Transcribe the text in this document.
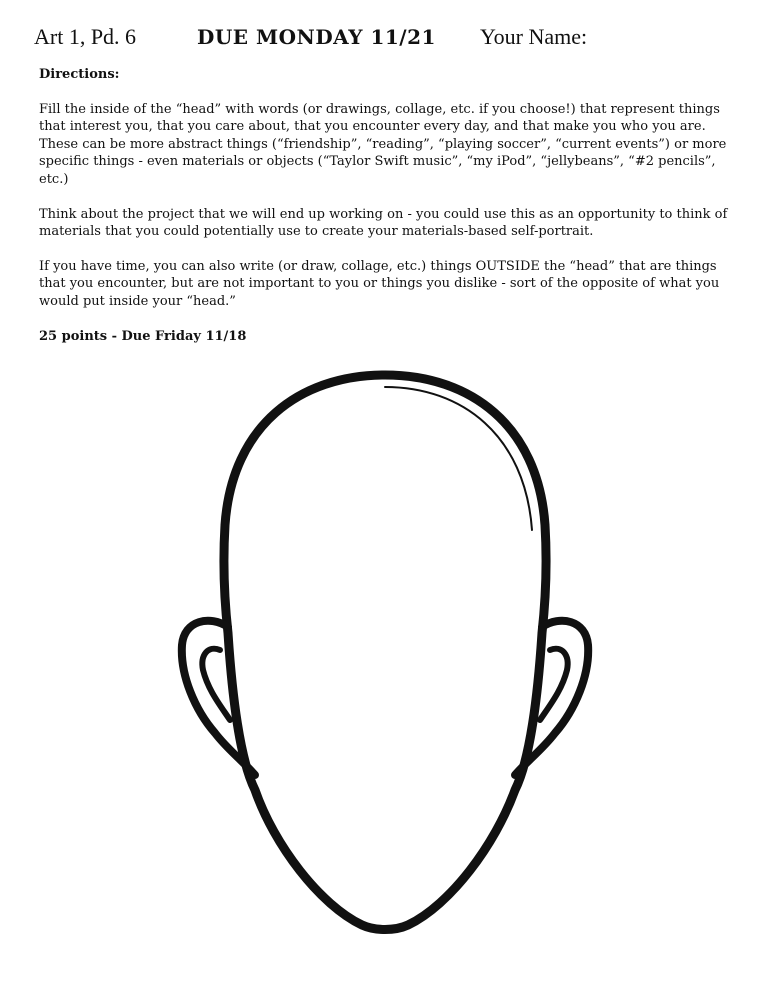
Art 1, Pd. 6	DUE MONDAY 11/21 Your Name:
Directions:

Fill the inside of the “head” with words (or drawings, collage, etc. if you choose!) that represent things that interest you, that you care about, that you encounter every day, and that make you who you are. These can be more abstract things (“friendship”, “reading”, “playing soccer”, “current events”) or more specific things - even materials or objects (“Taylor Swift music”, “my iPod”, “jellybeans”, “#2 pencils”, etc.)

Think about the project that we will end up working on - you could use this as an opportunity to think of materials that you could potentially use to create your materials-based self-portrait.

If you have time, you can also write (or draw, collage, etc.) things OUTSIDE the “head” that are things that you encounter, but are not important to you or things you dislike - sort of the opposite of what you would put inside your “head.”

25 points - Due Friday 11/18
